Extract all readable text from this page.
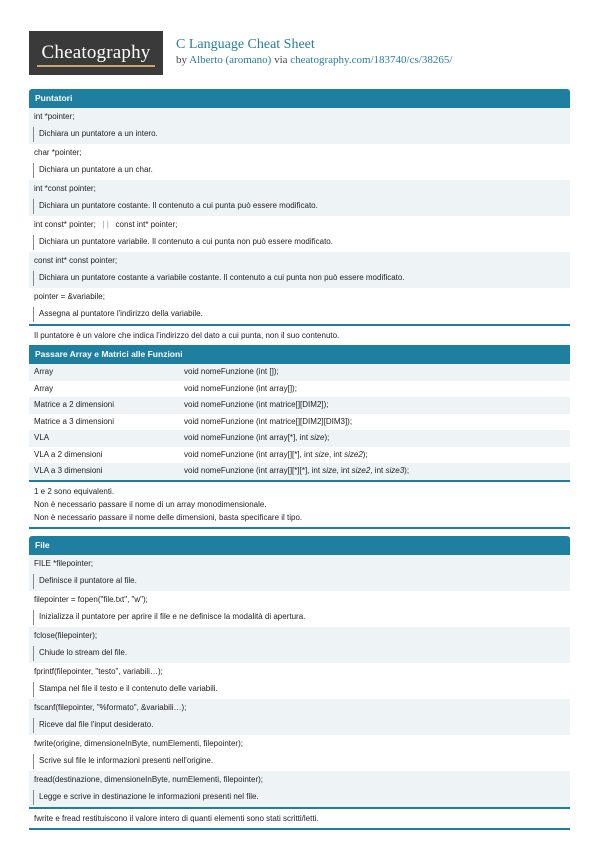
Cheatography	C Language Cheat Sheet
by Alberto (aromano) via cheatography.com/183740/cs/38265/
Puntatori
int *pointer;
Dichiara un puntatore a un intero.
char *pointer;
Dichiara un puntatore a un char.
int *const pointer;
Dichiara un puntatore costante. Il contenuto a cui punta può essere modificato.
int const* pointer; | | const int* pointer;
Dichiara un puntatore variabile. Il contenuto a cui punta non può essere modificato.
const int* const pointer;
Dichiara un puntatore costante a variabile costante. Il contenuto a cui punta non può essere modificato.
pointer = &variabile;
Assegna al puntatore l'indirizzo della variabile.

Il puntatore è un valore che indica l'indirizzo del dato a cui punta, non il suo contenuto.

Passare Array e Matrici alle Funzioni
Array	void nomeFunzione (int []);
Array	void nomeFunzione (int array[]);
Matrice a 2 dimensioni	void nomeFunzione (int matrice[][DIM2]);
Matrice a 3 dimensioni	void nomeFunzione (int matrice[][DIM2][DIM3]);
VLA	void nomeFunzione (int array[*], int size);
VLA a 2 dimensioni	void nomeFunzione (int array[][*], int size, int size2);
VLA a 3 dimensioni	void nomeFunzione (int array[][*][*], int size, int size2, int size3);

1 e 2 sono equivalenti.

Non è necessario passare il nome di un array monodimensionale.

Non è necessario passare il nome delle dimensioni, basta specificare il tipo.

File
FILE *filepointer;
Definisce il puntatore al file.
filepointer = fopen("file.txt", "w");
Inizializza il puntatore per aprire il file e ne definisce la modalità di apertura.
fclose(filepointer);
Chiude lo stream del file.
fprintf(filepointer, "testo", variabili…);
Stampa nel file il testo e il contenuto delle variabili.
fscanf(filepointer, "%formato", &variabili…);
Riceve dal file l'input desiderato.
fwrite(origine, dimensioneInByte, numElementi, filepointer);
Scrive sul file le informazioni presenti nell'origine.
fread(destinazione, dimensioneInByte, numElementi, filepointer);
Legge e scrive in destinazione le informazioni presenti nel file.

fwrite e fread restituiscono il valore intero di quanti elementi sono stati scritti/letti.
